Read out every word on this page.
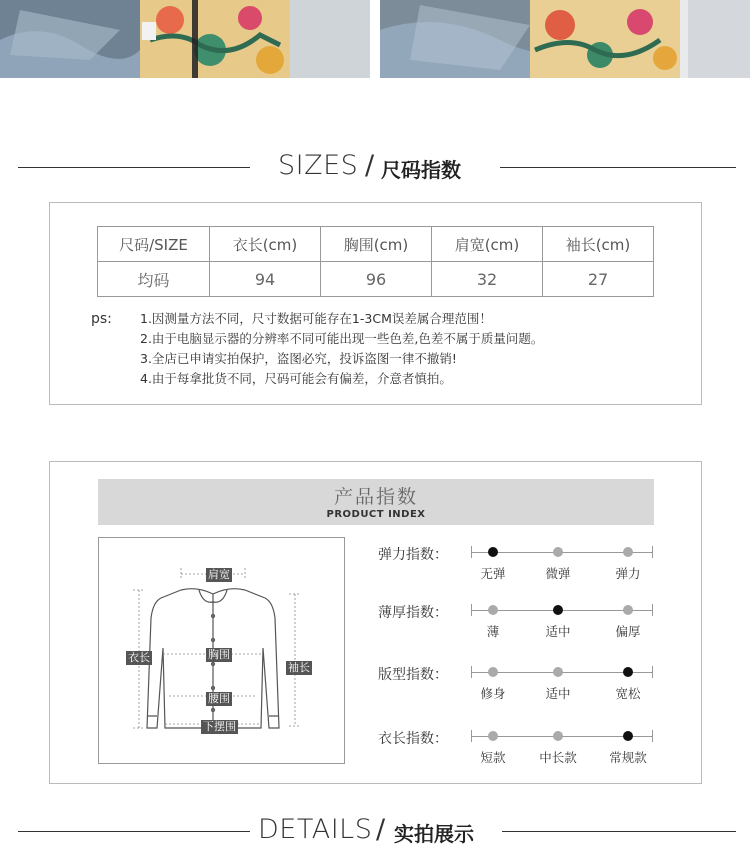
SIZES / 尺码指数
尺码/SIZE	衣长(cm)	胸围(cm)	肩宽(cm)	袖长(cm)
均码	94	96	32	27
ps: 1.因测量方法不同，尺寸数据可能存在1-3CM误差属合理范围！
2.由于电脑显示器的分辨率不同可能出现一些色差,色差不属于质量问题。
3.全店已申请实拍保护，盗图必究，投诉盗图一律不撤销!
4.由于每拿批货不同，尺码可能会有偏差，介意者慎拍。
产品指数
PRODUCT INDEX
肩宽
衣长	胸围
袖长
腰围
下摆围
弹力指数：
无弹	微弹	弹力
薄厚指数：
薄	适中	偏厚
版型指数：
修身	适中	宽松
衣长指数：
短款	中长款	常规款
DETAILS / 实拍展示
